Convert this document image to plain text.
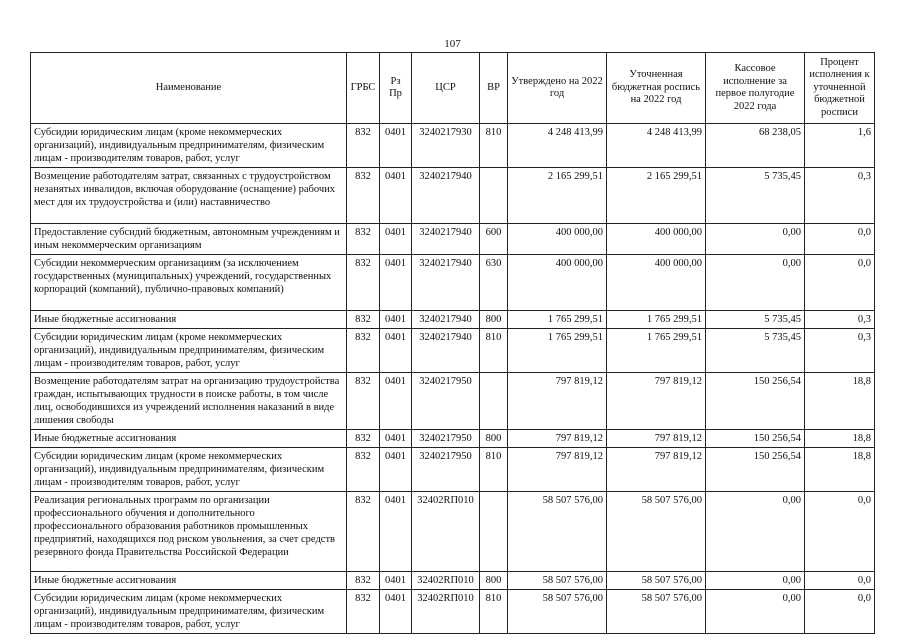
107
Наименование	ГРБС	Рз Пр	ЦСР	ВР	Утверждено на 2022 год	Уточненная бюджетная роспись на 2022 год	Кассовое исполнение за первое полугодие 2022 года	Процент исполнения к уточненной бюджетной росписи
Субсидии юридическим лицам (кроме некоммерческих организаций), индивидуальным предпринимателям, физическим лицам - производителям товаров, работ, услуг	832	0401	3240217930	810	4 248 413,99	4 248 413,99	68 238,05	1,6
Возмещение работодателям затрат, связанных с трудоустройством незанятых инвалидов, включая оборудование (оснащение) рабочих мест для их трудоустройства и (или) наставничество	832	0401	3240217940		2 165 299,51	2 165 299,51	5 735,45	0,3
Предоставление субсидий бюджетным, автономным учреждениям и иным некоммерческим организациям	832	0401	3240217940	600	400 000,00	400 000,00	0,00	0,0
Субсидии некоммерческим организациям (за исключением государственных (муниципальных) учреждений, государственных корпораций (компаний), публично-правовых компаний)	832	0401	3240217940	630	400 000,00	400 000,00	0,00	0,0
Иные бюджетные ассигнования	832	0401	3240217940	800	1 765 299,51	1 765 299,51	5 735,45	0,3
Субсидии юридическим лицам (кроме некоммерческих организаций), индивидуальным предпринимателям, физическим лицам - производителям товаров, работ, услуг	832	0401	3240217940	810	1 765 299,51	1 765 299,51	5 735,45	0,3
Возмещение работодателям затрат на организацию трудоустройства граждан, испытывающих трудности в поиске работы, в том числе лиц, освободившихся из учреждений исполнения наказаний в виде лишения свободы	832	0401	3240217950		797 819,12	797 819,12	150 256,54	18,8
Иные бюджетные ассигнования	832	0401	3240217950	800	797 819,12	797 819,12	150 256,54	18,8
Субсидии юридическим лицам (кроме некоммерческих организаций), индивидуальным предпринимателям, физическим лицам - производителям товаров, работ, услуг	832	0401	3240217950	810	797 819,12	797 819,12	150 256,54	18,8
Реализация региональных программ по организации профессионального обучения и дополнительного профессионального образования работников промышленных предприятий, находящихся под риском увольнения, за счет средств резервного фонда Правительства Российской Федерации	832	0401	32402RП010		58 507 576,00	58 507 576,00	0,00	0,0
Иные бюджетные ассигнования	832	0401	32402RП010	800	58 507 576,00	58 507 576,00	0,00	0,0
Субсидии юридическим лицам (кроме некоммерческих организаций), индивидуальным предпринимателям, физическим лицам - производителям товаров, работ, услуг	832	0401	32402RП010	810	58 507 576,00	58 507 576,00	0,00	0,0
